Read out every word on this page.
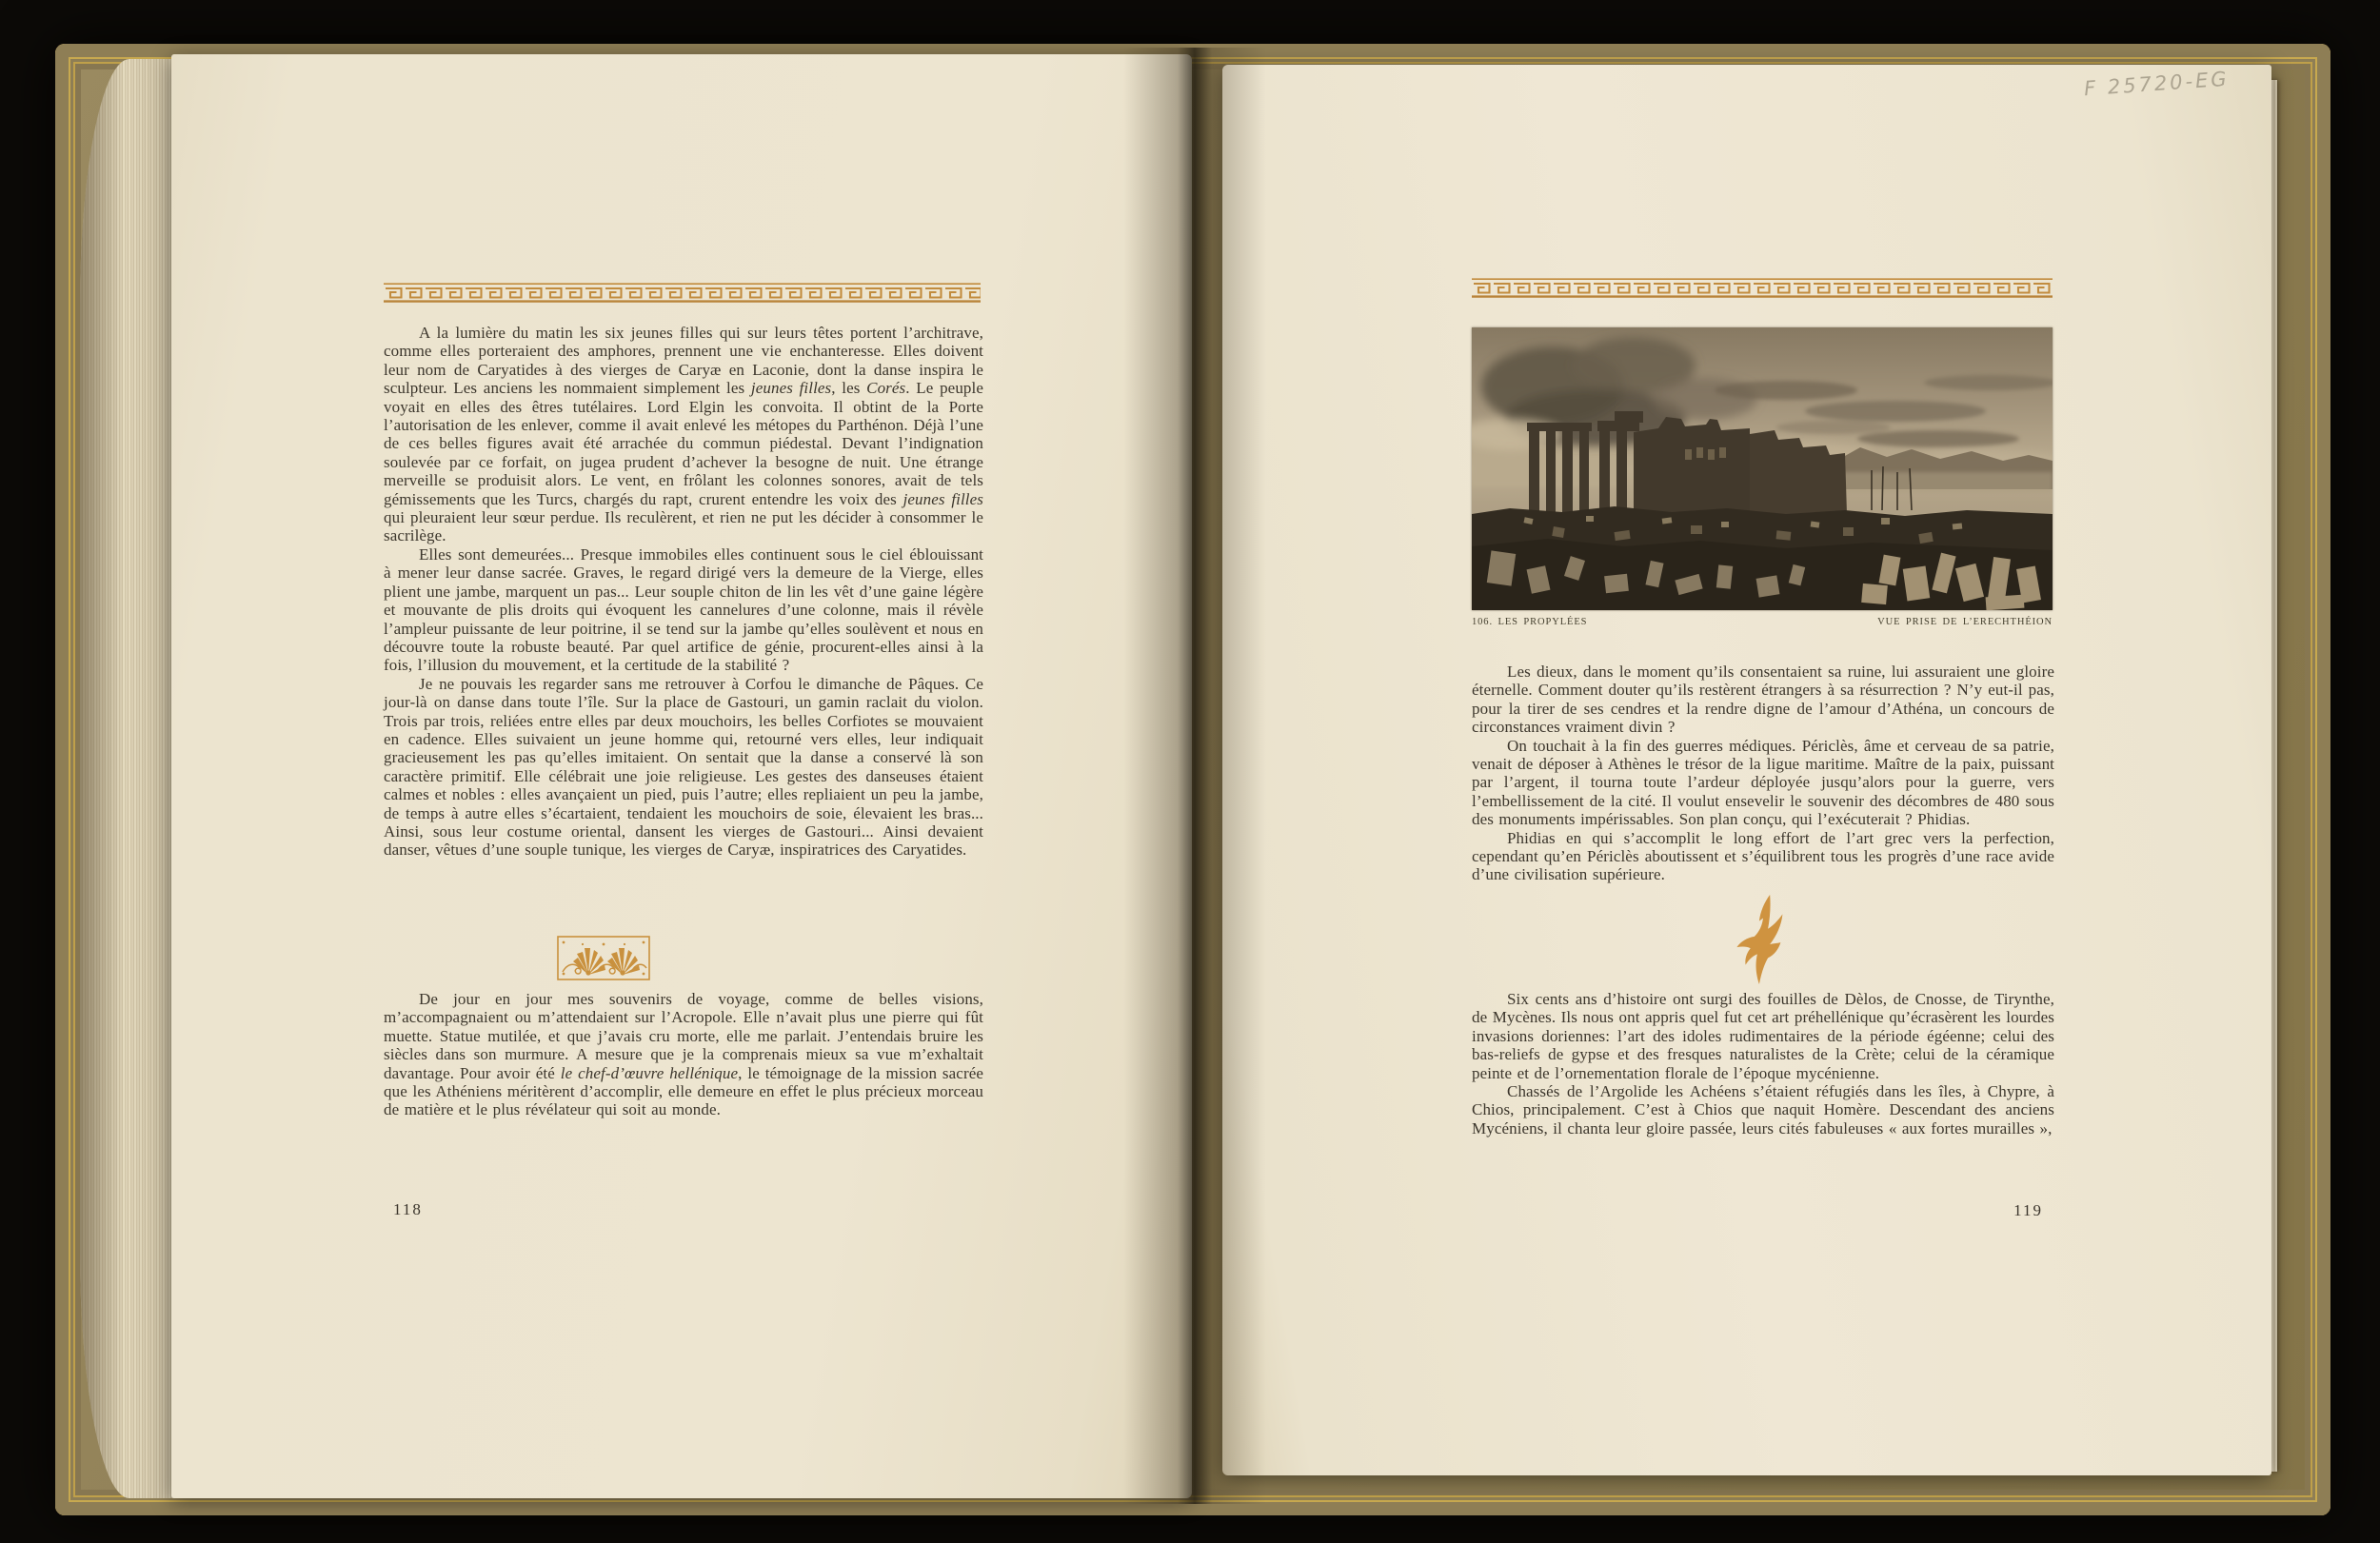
A la lumière du matin les six jeunes filles qui sur leurs têtes portent l’architrave, comme elles porteraient des amphores, prennent une vie enchanteresse. Elles doivent leur nom de Caryatides à des vierges de Caryæ en Laconie, dont la danse inspira le sculpteur. Les anciens les nommaient simplement les jeunes filles, les Corés. Le peuple voyait en elles des êtres tutélaires. Lord Elgin les convoita. Il obtint de la Porte l’autorisation de les enlever, comme il avait enlevé les métopes du Parthénon. Déjà l’une de ces belles figures avait été arrachée du commun piédestal. Devant l’indignation soulevée par ce forfait, on jugea prudent d’achever la besogne de nuit. Une étrange merveille se produisit alors. Le vent, en frôlant les colonnes sonores, avait de tels gémissements que les Turcs, chargés du rapt, crurent entendre les voix des jeunes filles qui pleuraient leur sœur perdue. Ils reculèrent, et rien ne put les décider à consommer le sacrilège.

Elles sont demeurées... Presque immobiles elles continuent sous le ciel éblouissant à mener leur danse sacrée. Graves, le regard dirigé vers la demeure de la Vierge, elles plient une jambe, marquent un pas... Leur souple chiton de lin les vêt d’une gaine légère et mouvante de plis droits qui évoquent les cannelures d’une colonne, mais il révèle l’ampleur puissante de leur poitrine, il se tend sur la jambe qu’elles soulèvent et nous en découvre toute la robuste beauté. Par quel artifice de génie, procurent-elles ainsi à la fois, l’illusion du mouvement, et la certitude de la stabilité ?

Je ne pouvais les regarder sans me retrouver à Corfou le dimanche de Pâques. Ce jour-là on danse dans toute l’île. Sur la place de Gastouri, un gamin raclait du violon. Trois par trois, reliées entre elles par deux mouchoirs, les belles Corfiotes se mouvaient en cadence. Elles suivaient un jeune homme qui, retourné vers elles, leur indiquait gracieusement les pas qu’elles imitaient. On sentait que la danse a conservé là son caractère primitif. Elle célébrait une joie religieuse. Les gestes des danseuses étaient calmes et nobles : elles avançaient un pied, puis l’autre; elles repliaient un peu la jambe, de temps à autre elles s’écartaient, tendaient les mouchoirs de soie, élevaient les bras... Ainsi, sous leur costume oriental, dansent les vierges de Gastouri... Ainsi devaient danser, vêtues d’une souple tunique, les vierges de Caryæ, inspiratrices des Caryatides.

De jour en jour mes souvenirs de voyage, comme de belles visions, m’accompagnaient ou m’attendaient sur l’Acropole. Elle n’avait plus une pierre qui fût muette. Statue mutilée, et que j’avais cru morte, elle me parlait. J’entendais bruire les siècles dans son murmure. A mesure que je la comprenais mieux sa vue m’exhaltait davantage. Pour avoir été le chef-d’œuvre hellénique, le témoignage de la mission sacrée que les Athéniens méritèrent d’accomplir, elle demeure en effet le plus précieux morceau de matière et le plus révélateur qui soit au monde.

118
F 25720-EG
106. LES PROPYLÉES	VUE PRISE DE L’ERECHTHÉION

Les dieux, dans le moment qu’ils consentaient sa ruine, lui assuraient une gloire éternelle. Comment douter qu’ils restèrent étrangers à sa résurrection ? N’y eut-il pas, pour la tirer de ses cendres et la rendre digne de l’amour d’Athéna, un concours de circonstances vraiment divin ?

On touchait à la fin des guerres médiques. Périclès, âme et cerveau de sa patrie, venait de déposer à Athènes le trésor de la ligue maritime. Maître de la paix, puissant par l’argent, il tourna toute l’ardeur déployée jusqu’alors pour la guerre, vers l’embellissement de la cité. Il voulut ensevelir le souvenir des décombres de 480 sous des monuments impérissables. Son plan conçu, qui l’exécuterait ? Phidias.

Phidias en qui s’accomplit le long effort de l’art grec vers la perfection, cependant qu’en Périclès aboutissent et s’équilibrent tous les progrès d’une race avide d’une civilisation supérieure.

Six cents ans d’histoire ont surgi des fouilles de Dèlos, de Cnosse, de Tirynthe, de Mycènes. Ils nous ont appris quel fut cet art préhellénique qu’écrasèrent les lourdes invasions doriennes: l’art des idoles rudimentaires de la période égéenne; celui des bas-reliefs de gypse et des fresques naturalistes de la Crète; celui de la céramique peinte et de l’ornementation florale de l’époque mycénienne.

Chassés de l’Argolide les Achéens s’étaient réfugiés dans les îles, à Chypre, à Chios, principalement. C’est à Chios que naquit Homère. Descendant des anciens Mycéniens, il chanta leur gloire passée, leurs cités fabuleuses « aux fortes murailles »,

119
